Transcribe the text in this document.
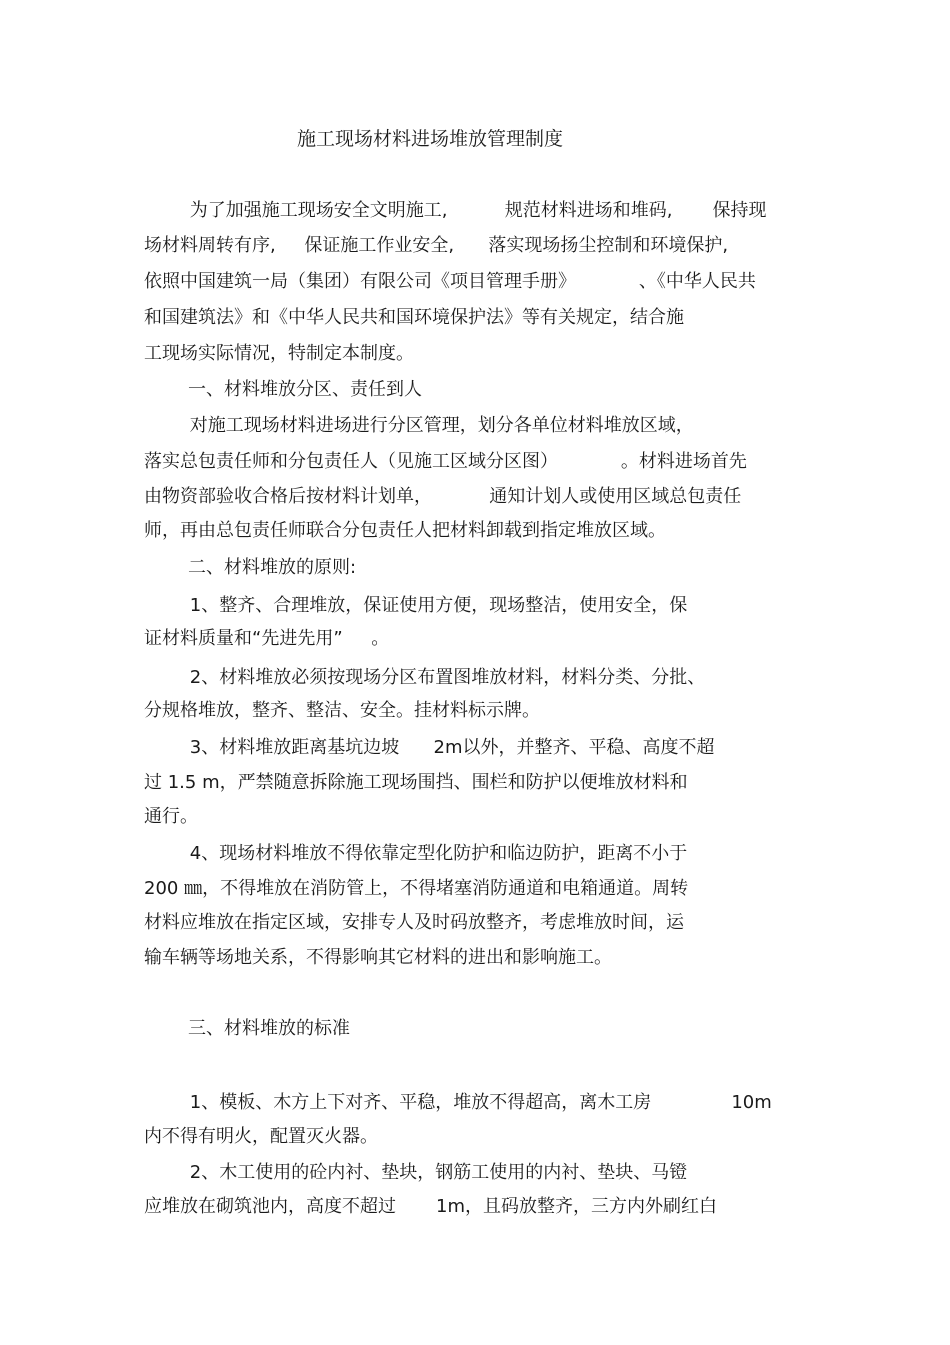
施工现场材料进场堆放管理制度
为了加强施工现场安全文明施工,          规范材料进场和堆码,       保持现
场材料周转有序,     保证施工作业安全,      落实现场扬尘控制和环境保护,
依照中国建筑一局（集团）有限公司《项目管理手册》           、《中华人民共
和国建筑法》和《中华人民共和国环境保护法》等有关规定，结合施
工现场实际情况，特制定本制度。
一、材料堆放分区、责任到人
对施工现场材料进场进行分区管理，划分各单位材料堆放区域，
落实总包责任师和分包责任人（见施工区域分区图）           。材料进场首先
由物资部验收合格后按材料计划单，          通知计划人或使用区域总包责任
师，再由总包责任师联合分包责任人把材料卸载到指定堆放区域。
二、材料堆放的原则:
1、整齐、合理堆放，保证使用方便，现场整洁，使用安全，保
证材料质量和“先进先用”     。
2、材料堆放必须按现场分区布置图堆放材料，材料分类、分批、
分规格堆放，整齐、整洁、安全。挂材料标示牌。
3、材料堆放距离基坑边坡      2m以外，并整齐、平稳、高度不超
过 1.5 m，严禁随意拆除施工现场围挡、围栏和防护以便堆放材料和
通行。
4、现场材料堆放不得依靠定型化防护和临边防护，距离不小于
200 ㎜，不得堆放在消防管上，不得堵塞消防通道和电箱通道。周转
材料应堆放在指定区域，安排专人及时码放整齐，考虑堆放时间，运
输车辆等场地关系，不得影响其它材料的进出和影响施工。
三、材料堆放的标准
1、模板、木方上下对齐、平稳，堆放不得超高，离木工房              10m
内不得有明火，配置灭火器。
2、木工使用的砼内衬、垫块，钢筋工使用的内衬、垫块、马镫
应堆放在砌筑池内，高度不超过       1m，且码放整齐，三方内外刷红白
